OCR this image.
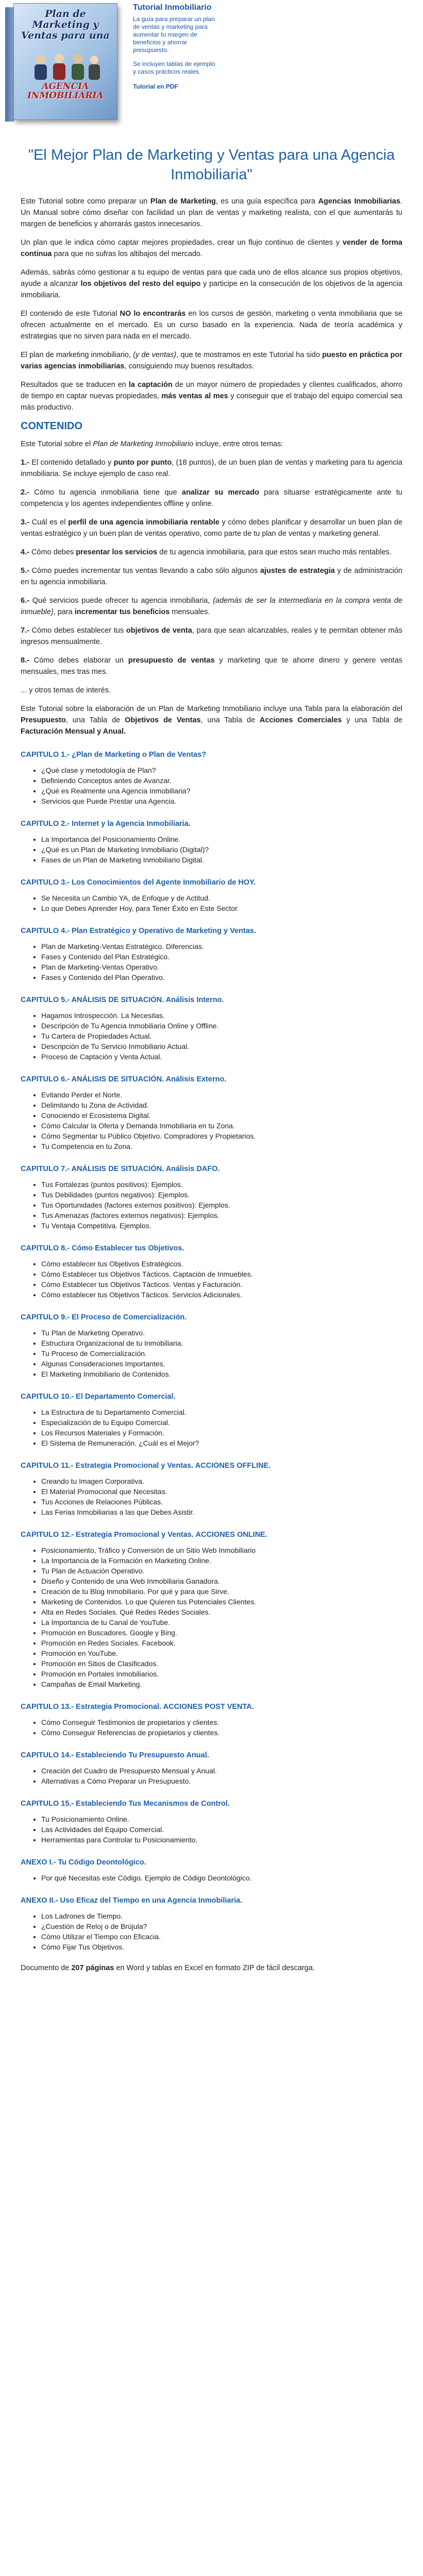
Plan de Marketing y Ventas para una
AGENCIA INMOBILIARIA
Tutorial Inmobiliario
La guía para preparar un plan
de ventas y marketing para
aumentar tu margen de
beneficios y ahorrar
presupuesto.
Se incluyen tablas de ejemplo
y casos prácticos reales.
Tutorial en PDF
"El Mejor Plan de Marketing y Ventas para una Agencia Inmobiliaria"

Este Tutorial sobre como preparar un Plan de Marketing, es una guía específica para Agencias Inmobiliarias. Un Manual sobre cómo diseñar con facilidad un plan de ventas y marketing realista, con el que aumentarás tu margen de beneficios y ahorrarás gastos innecesarios.

Un plan que le indica cómo captar mejores propiedades, crear un flujo continuo de clientes y vender de forma continua para que no sufras los altibajos del mercado.

Además, sabrás cómo gestionar a tu equipo de ventas para que cada uno de ellos alcance sus propios objetivos, ayude a alcanzar los objetivos del resto del equipo y participe en la consecución de los objetivos de la agencia inmobiliaria.

El contenido de este Tutorial NO lo encontrarás en los cursos de gestión, marketing o venta inmobiliaria que se ofrecen actualmente en el mercado. Es un curso basado en la experiencia. Nada de teoría académica y estrategias que no sirven para nada en el mercado.

El plan de marketing inmobiliario, (y de ventas), que te mostramos en este Tutorial ha sido puesto en práctica por varias agencias inmobiliarias, consiguiendo muy buenos resultados.

Resultados que se traducen en la captación de un mayor número de propiedades y clientes cualificados, ahorro de tiempo en captar nuevas propiedades, más ventas al mes y conseguir que el trabajo del equipo comercial sea más productivo.

CONTENIDO

Este Tutorial sobre el Plan de Marketing Inmobiliario incluye, entre otros temas:

1.- El contenido detallado y punto por punto, (18 puntos), de un buen plan de ventas y marketing para tu agencia inmobiliaria. Se incluye ejemplo de caso real.

2.- Cómo tu agencia inmobiliaria tiene que analizar su mercado para situarse estratégicamente ante tu competencia y los agentes independientes offline y online.

3.- Cuál es el perfil de una agencia inmobiliaria rentable y cómo debes planificar y desarrollar un buen plan de ventas estratégico y un buen plan de ventas operativo, como parte de tu plan de ventas y marketing general.

4.- Cómo debes presentar los servicios de tu agencia inmobiliaria, para que estos sean mucho más rentables.

5.- Cómo puedes incrementar tus ventas llevando a cabo sólo algunos ajustes de estrategia y de administración en tu agencia inmobiliaria.

6.- Qué servicios puede ofrecer tu agencia inmobiliaria, (además de ser la intermediaria en la compra venta de inmueble), para incrementar tus beneficios mensuales.

7.- Cómo debes establecer tus objetivos de venta, para que sean alcanzables, reales y te permitan obtener más ingresos mensualmente.

8.- Cómo debes elaborar un presupuesto de ventas y marketing que te ahorre dinero y genere ventas mensuales, mes tras mes.

... y otros temas de interés.

Este Tutorial sobre la elaboración de un Plan de Marketing Inmobiliario incluye una Tabla para la elaboración del Presupuesto, una Tabla de Objetivos de Ventas, una Tabla de Acciones Comerciales y una Tabla de Facturación Mensual y Anual.

CAPITULO 1.- ¿Plan de Marketing o Plan de Ventas?
• ¿Qué clase y metodología de Plan?
• Definiendo Conceptos antes de Avanzar.
• ¿Qué es Realmente una Agencia Inmobiliaria?
• Servicios que Puede Prestar una Agencia.
CAPITULO 2.- Internet y la Agencia Inmobiliaria.
• La Importancia del Posicionamiento Online.
• ¿Qué es un Plan de Marketing Inmobiliario (Digital)?
• Fases de un Plan de Marketing Inmobiliario Digital.
CAPITULO 3.- Los Conocimientos del Agente Inmobiliario de HOY.
• Se Necesita un Cambio YA, de Enfoque y de Actitud.
• Lo que Debes Aprender Hoy, para Tener Éxito en Este Sector.
CAPITULO 4.- Plan Estratégico y Operativo de Marketing y Ventas.
• Plan de Marketing-Ventas Estratégico. Diferencias.
• Fases y Contenido del Plan Estratégico.
• Plan de Marketing-Ventas Operativo.
• Fases y Contenido del Plan Operativo.
CAPITULO 5.- ANÁLISIS DE SITUACIÓN. Análisis Interno.
• Hagamos Introspección. La Necesitas.
• Descripción de Tu Agencia Inmobiliaria Online y Offline.
• Tu Cartera de Propiedades Actual.
• Descripción de Tu Servicio Inmobiliario Actual.
• Proceso de Captación y Venta Actual.
CAPITULO 6.- ANÁLISIS DE SITUACIÓN. Análisis Externo.
• Evitando Perder el Norte.
• Delimitando tu Zona de Actividad.
• Conociendo el Ecosistema Digital.
• Cómo Calcular la Oferta y Demanda Inmobiliaria en tu Zona.
• Cómo Segmentar tu Público Objetivo. Compradores y Propietarios.
• Tu Competencia en tu Zona.
CAPITULO 7.- ANÁLISIS DE SITUACIÓN. Análisis DAFO.
• Tus Fortalezas (puntos positivos): Ejemplos.
• Tus Debilidades (puntos negativos): Ejemplos.
• Tus Oportunidades (factores externos positivos): Ejemplos.
• Tus Amenazas (factores externos negativos): Ejemplos.
• Tu Ventaja Competitiva. Ejemplos.
CAPITULO 8.- Cómo Establecer tus Objetivos.
• Cómo establecer tus Objetivos Estratégicos.
• Cómo Establecer tus Objetivos Tácticos. Captación de Inmuebles.
• Cómo Establecer tus Objetivos Tácticos. Ventas y Facturación.
• Cómo establecer tus Objetivos Tácticos. Servicios Adicionales.
CAPITULO 9.- El Proceso de Comercialización.
• Tu Plan de Marketing Operativo.
• Estructura Organizacional de tu Inmobiliaria.
• Tu Proceso de Comercialización.
• Algunas Consideraciones Importantes.
• El Marketing Inmobiliario de Contenidos.
CAPITULO 10.- El Departamento Comercial.
• La Estructura de tu Departamento Comercial.
• Especialización de tu Equipo Comercial.
• Los Recursos Materiales y Formación.
• El Sistema de Remuneración. ¿Cuál es el Mejor?
CAPITULO 11.- Estrategia Promocional y Ventas. ACCIONES OFFLINE.
• Creando tu Imagen Corporativa.
• El Material Promocional que Necesitas.
• Tus Acciones de Relaciones Públicas.
• Las Ferias Inmobiliarias a las que Debes Asistir.
CAPITULO 12.- Estrategia Promocional y Ventas. ACCIONES ONLINE.
• Posicionamiento, Tráfico y Conversión de un Sitio Web Inmobiliario
• La Importancia de la Formación en Marketing Online.
• Tu Plan de Actuación Operativo.
• Diseño y Contenido de una Web Inmobiliaria Ganadora.
• Creación de tu Blog Inmobiliario. Por qué y para que Sirve.
• Marketing de Contenidos. Lo que Quieren tus Potenciales Clientes.
• Alta en Redes Sociales. Qué Redes Redes Sociales.
• La Importancia de tu Canal de YouTube.
• Promoción en Buscadores. Google y Bing.
• Promoción en Redes Sociales. Facebook.
• Promoción en YouTube.
• Promoción en Sitios de Clasificados.
• Promoción en Portales Inmobiliarios.
• Campañas de Email Marketing.
CAPITULO 13.- Estrategia Promocional. ACCIONES POST VENTA.
• Cómo Conseguir Testimonios de propietarios y clientes.
• Cómo Conseguir Referencias de propietarios y clientes.
CAPITULO 14.- Estableciendo Tu Presupuesto Anual.
• Creación del Cuadro de Presupuesto Mensual y Anual.
• Alternativas a Cómo Preparar un Presupuesto.
CAPITULO 15.- Estableciendo Tus Mecanismos de Control.
• Tu Posicionamiento Online.
• Las Actividades del Equipo Comercial.
• Herramientas para Controlar tu Posicionamiento.
ANEXO I.- Tu Código Deontológico.
• Por qué Necesitas este Código. Ejemplo de Código Deontológico.
ANEXO II.- Uso Eficaz del Tiempo en una Agencia Inmobiliaria.
• Los Ladrones de Tiempo.
• ¿Cuestión de Reloj o de Brújula?
• Cómo Utilizar el Tiempo con Eficacia.
• Cómo Fijar Tus Objetivos.

Documento de 207 páginas en Word y tablas en Excel en formato ZIP de fácil descarga.
